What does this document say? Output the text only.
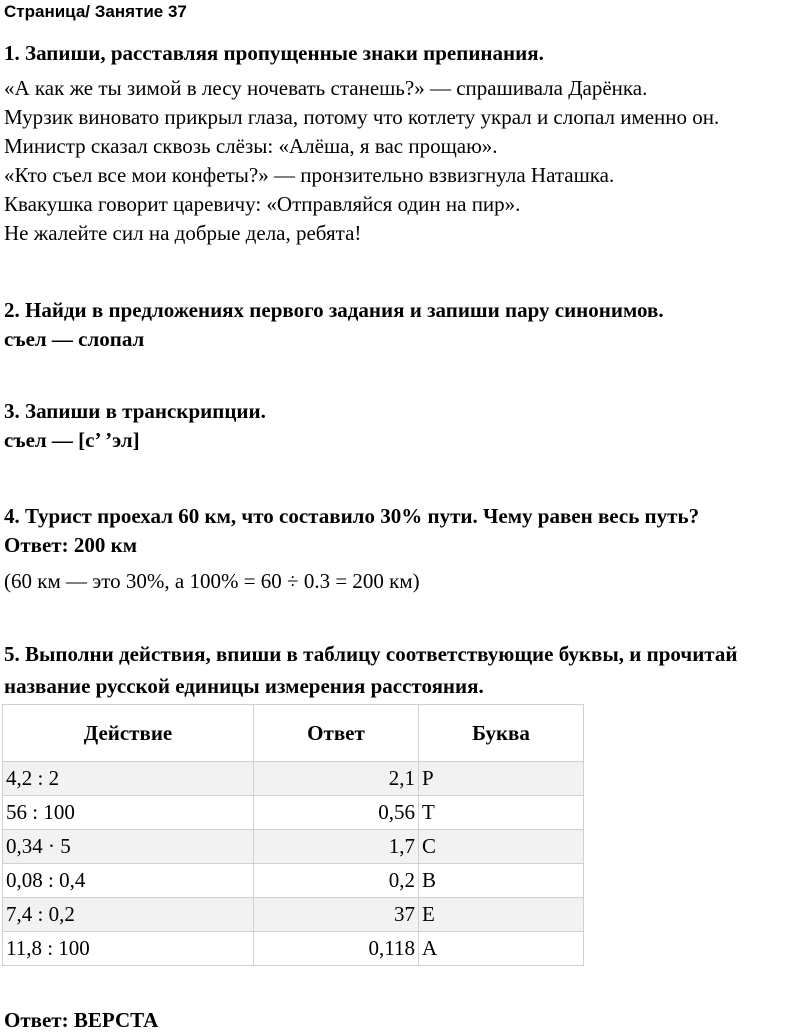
Страница/ Занятие 37
1. Запиши, расставляя пропущенные знаки препинания.
«А как же ты зимой в лесу ночевать станешь?» — спрашивала Дарёнка.
Мурзик виновато прикрыл глаза, потому что котлету украл и слопал именно он.
Министр сказал сквозь слёзы: «Алёша, я вас прощаю».
«Кто съел все мои конфеты?» — пронзительно взвизгнула Наташка.
Квакушка говорит царевичу: «Отправляйся один на пир».
Не жалейте сил на добрые дела, ребята!
2. Найди в предложениях первого задания и запиши пару синонимов.
съел — слопал
3. Запиши в транскрипции.
съел — [с’ ’эл]
4. Турист проехал 60 км, что составило 30% пути. Чему равен весь путь?
Ответ: 200 км
(60 км — это 30%, а 100% = 60 ÷ 0.3 = 200 км)
5. Выполни действия, впиши в таблицу соответствующие буквы, и прочитай
название русской единицы измерения расстояния.
Действие	Ответ	Буква
4,2 : 2	2,1	Р
56 : 100	0,56	Т
0,34 · 5	1,7	С
0,08 : 0,4	0,2	В
7,4 : 0,2	37	Е
11,8 : 100	0,118	А
Ответ: ВЕРСТА
